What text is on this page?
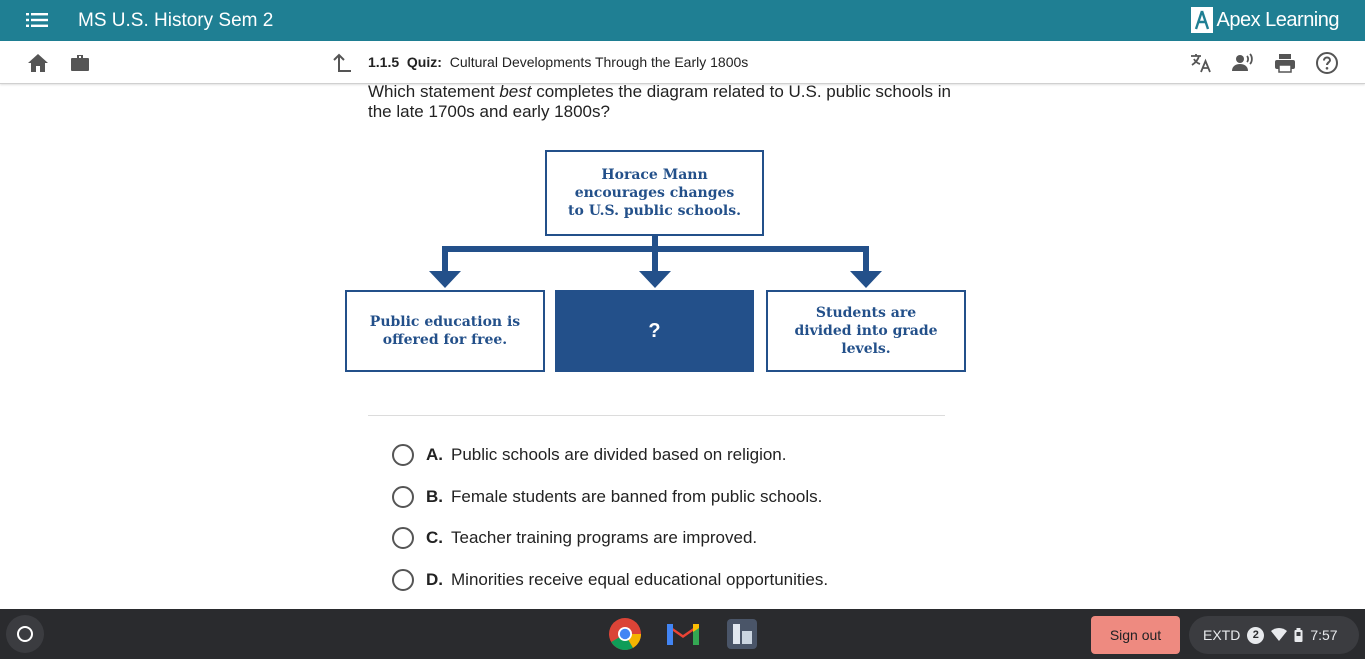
MS U.S. History Sem 2	Apex Learning
1.1.5 Quiz: Cultural Developments Through the Early 1800s
Which statement best completes the diagram related to U.S. public schools in the late 1700s and early 1800s?
Horace Mann encourages changes to U.S. public schools.
Public education is offered for free.	?
Students are divided into grade levels.
A. Public schools are divided based on religion.
B. Female students are banned from public schools.
C. Teacher training programs are improved.
D. Minorities receive equal educational opportunities.
Sign out	EXTD	2	7:57
